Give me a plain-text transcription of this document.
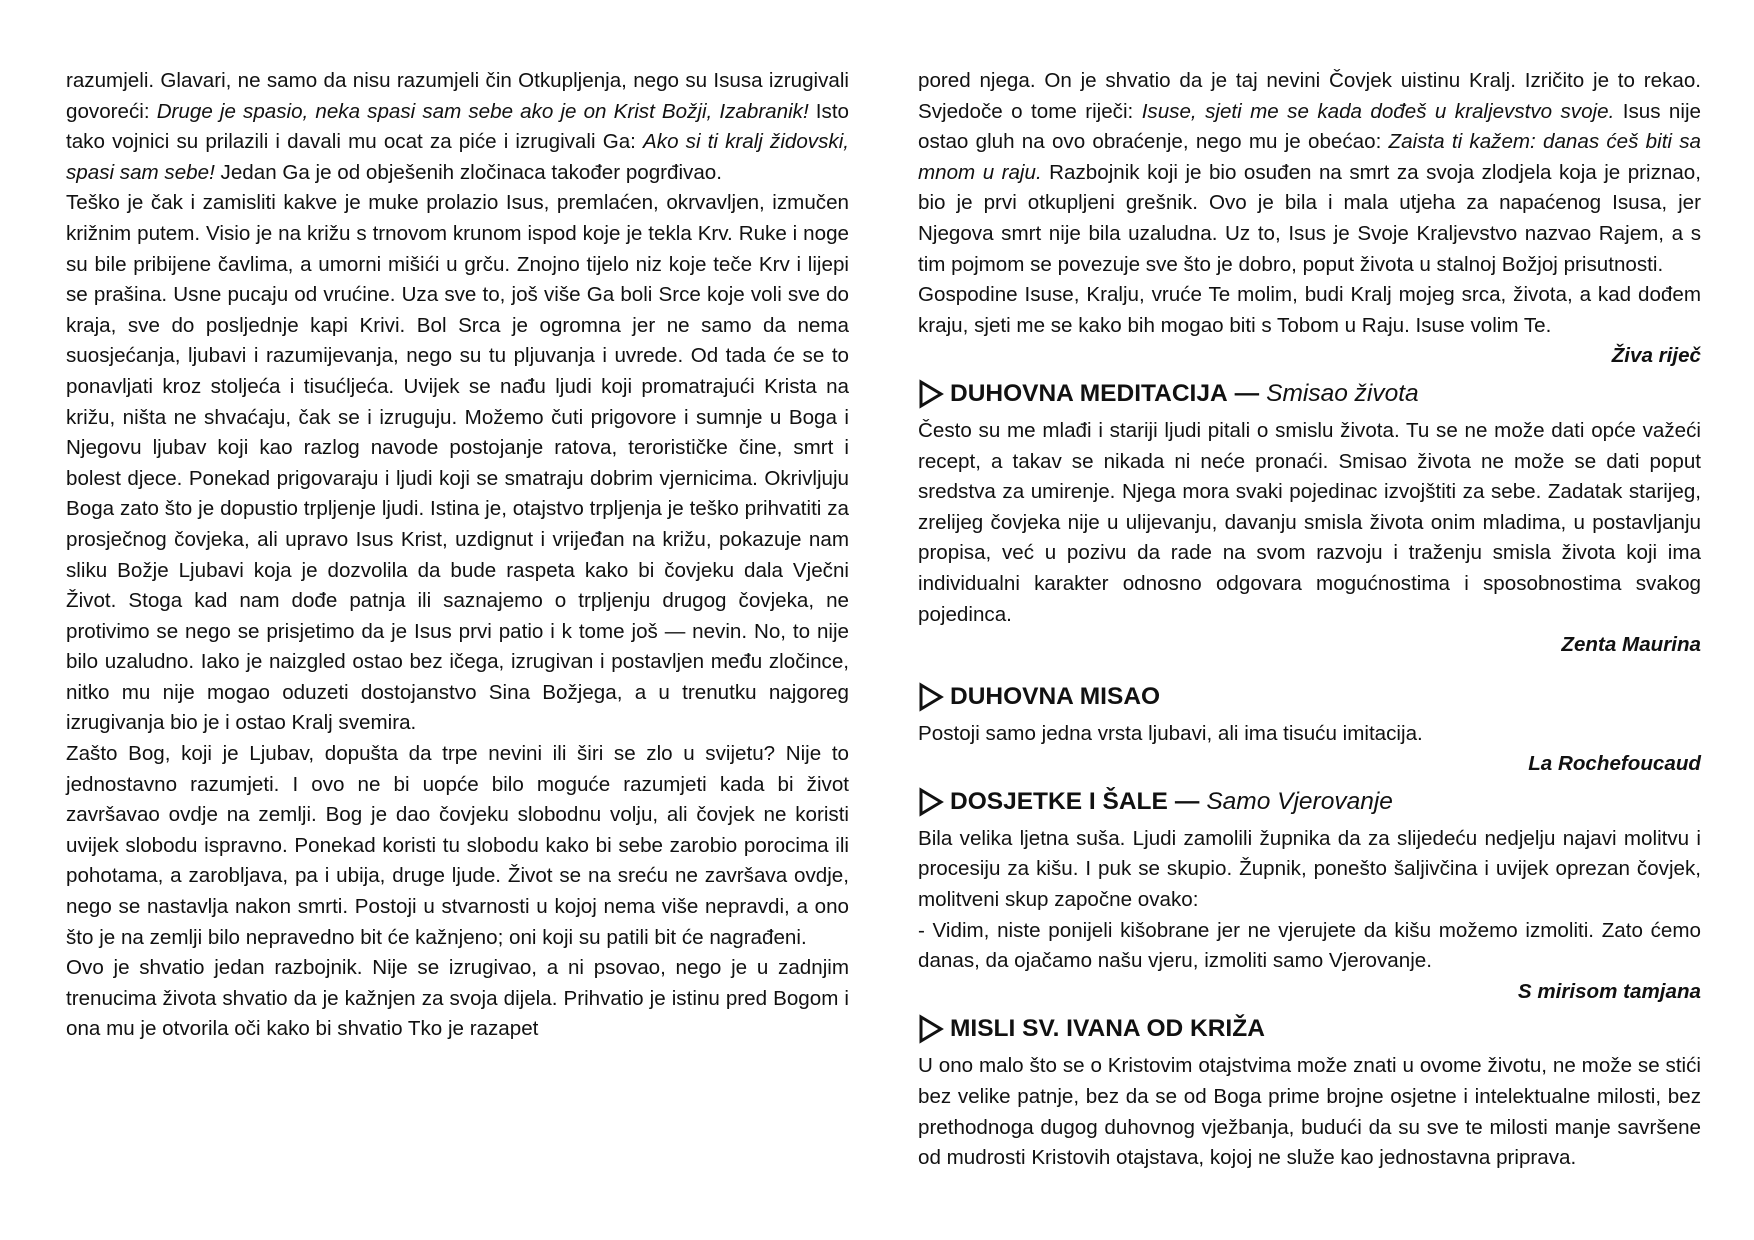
razumjeli. Glavari, ne samo da nisu razumjeli čin Otkupljenja, nego su Isusa izrugivali govoreći: Druge je spasio, neka spasi sam sebe ako je on Krist Božji, Izabranik! Isto tako vojnici su prilazili i davali mu ocat za piće i izrugivali Ga: Ako si ti kralj židovski, spasi sam sebe! Jedan Ga je od obješenih zločinaca također pogrđivao.

Teško je čak i zamisliti kakve je muke prolazio Isus, premlaćen, okrvavljen, izmučen križnim putem. Visio je na križu s trnovom krunom ispod koje je tekla Krv. Ruke i noge su bile pribijene čavlima, a umorni mišići u grču. Znojno tijelo niz koje teče Krv i lijepi se prašina. Usne pucaju od vrućine. Uza sve to, još više Ga boli Srce koje voli sve do kraja, sve do posljednje kapi Krivi. Bol Srca je ogromna jer ne samo da nema suosjećanja, ljubavi i razumijevanja, nego su tu pljuvanja i uvrede. Od tada će se to ponavljati kroz stoljeća i tisućljeća. Uvijek se nađu ljudi koji promatrajući Krista na križu, ništa ne shvaćaju, čak se i izruguju. Možemo čuti prigovore i sumnje u Boga i Njegovu ljubav koji kao razlog navode postojanje ratova, terorističke čine, smrt i bolest djece. Ponekad prigovaraju i ljudi koji se smatraju dobrim vjernicima. Okrivljuju Boga zato što je dopustio trpljenje ljudi. Istina je, otajstvo trpljenja je teško prihvatiti za prosječnog čovjeka, ali upravo Isus Krist, uzdignut i vrijeđan na križu, pokazuje nam sliku Božje Ljubavi koja je dozvolila da bude raspeta kako bi čovjeku dala Vječni Život. Stoga kad nam dođe patnja ili saznajemo o trpljenju drugog čovjeka, ne protivimo se nego se prisjetimo da je Isus prvi patio i k tome još — nevin. No, to nije bilo uzaludno. Iako je naizgled ostao bez ičega, izrugivan i postavljen među zločince, nitko mu nije mogao oduzeti dostojanstvo Sina Božjega, a u trenutku najgoreg izrugivanja bio je i ostao Kralj svemira.

Zašto Bog, koji je Ljubav, dopušta da trpe nevini ili širi se zlo u svijetu? Nije to jednostavno razumjeti. I ovo ne bi uopće bilo moguće razumjeti kada bi život završavao ovdje na zemlji. Bog je dao čovjeku slobodnu volju, ali čovjek ne koristi uvijek slobodu ispravno. Ponekad koristi tu slobodu kako bi sebe zarobio porocima ili pohotama, a zarobljava, pa i ubija, druge ljude. Život se na sreću ne završava ovdje, nego se nastavlja nakon smrti. Postoji u stvarnosti u kojoj nema više nepravdi, a ono što je na zemlji bilo nepravedno bit će kažnjeno; oni koji su patili bit će nagrađeni.

Ovo je shvatio jedan razbojnik. Nije se izrugivao, a ni psovao, nego je u zadnjim trenucima života shvatio da je kažnjen za svoja dijela. Prihvatio je istinu pred Bogom i ona mu je otvorila oči kako bi shvatio Tko je razapet

pored njega. On je shvatio da je taj nevini Čovjek uistinu Kralj. Izričito je to rekao. Svjedoče o tome riječi: Isuse, sjeti me se kada dođeš u kraljevstvo svoje. Isus nije ostao gluh na ovo obraćenje, nego mu je obećao: Zaista ti kažem: danas ćeš biti sa mnom u raju. Razbojnik koji je bio osuđen na smrt za svoja zlodjela koja je priznao, bio je prvi otkupljeni grešnik. Ovo je bila i mala utjeha za napaćenog Isusa, jer Njegova smrt nije bila uzaludna. Uz to, Isus je Svoje Kraljevstvo nazvao Rajem, a s tim pojmom se povezuje sve što je dobro, poput života u stalnoj Božjoj prisutnosti.

Gospodine Isuse, Kralju, vruće Te molim, budi Kralj mojeg srca, života, a kad dođem kraju, sjeti me se kako bih mogao biti s Tobom u Raju. Isuse volim Te.

Živa riječ

DUHOVNA MEDITACIJA — Smisao života

Često su me mlađi i stariji ljudi pitali o smislu života. Tu se ne može dati opće važeći recept, a takav se nikada ni neće pronaći. Smisao života ne može se dati poput sredstva za umirenje. Njega mora svaki pojedinac izvojštiti za sebe. Zadatak starijeg, zrelijeg čovjeka nije u ulijevanju, davanju smisla života onim mladima, u postavljanju propisa, već u pozivu da rade na svom razvoju i traženju smisla života koji ima individualni karakter odnosno odgovara mogućnostima i sposobnostima svakog pojedinca.

Zenta Maurina

DUHOVNA MISAO

Postoji samo jedna vrsta ljubavi, ali ima tisuću imitacija.

La Rochefoucaud

DOSJETKE I ŠALE — Samo Vjerovanje

Bila velika ljetna suša. Ljudi zamolili župnika da za slijedeću nedjelju najavi molitvu i procesiju za kišu. I puk se skupio. Župnik, ponešto šaljivčina i uvijek oprezan čovjek, molitveni skup započne ovako:

- Vidim, niste ponijeli kišobrane jer ne vjerujete da kišu možemo izmoliti. Zato ćemo danas, da ojačamo našu vjeru, izmoliti samo Vjerovanje.

S mirisom tamjana

MISLI SV. IVANA OD KRIŽA

U ono malo što se o Kristovim otajstvima može znati u ovome životu, ne može se stići bez velike patnje, bez da se od Boga prime brojne osjetne i intelektualne milosti, bez prethodnoga dugog duhovnog vježbanja, budući da su sve te milosti manje savršene od mudrosti Kristovih otajstava, kojoj ne služe kao jednostavna priprava.
